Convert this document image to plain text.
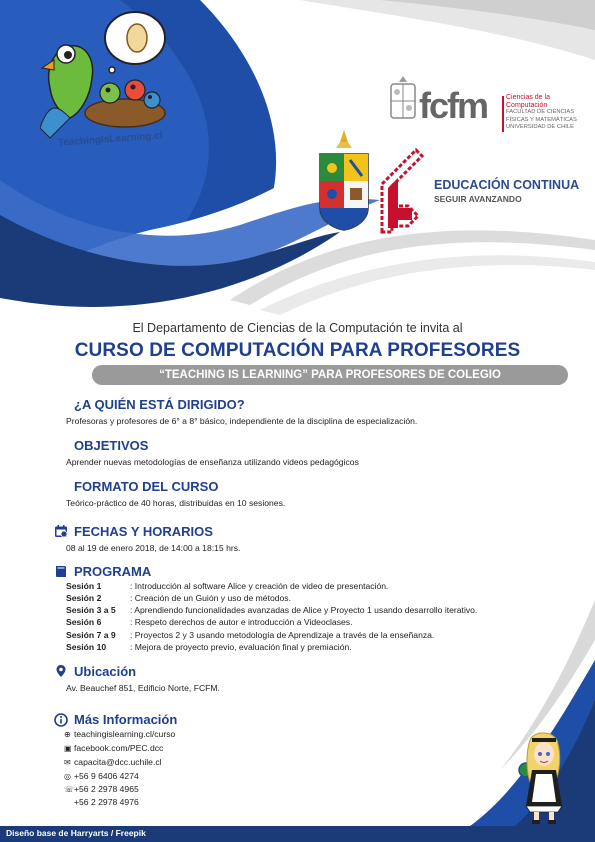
TeachingIsLearning.cl
fcfm	Ciencias de la
Computación
FACULTAD DE CIENCIAS
FÍSICAS Y MATEMÁTICAS
UNIVERSIDAD DE CHILE
EDUCACIÓN CONTINUA
SEGUIR AVANZANDO
El Departamento de Ciencias de la Computación te invita al
CURSO DE COMPUTACIÓN PARA PROFESORES
“TEACHING IS LEARNING” PARA PROFESORES DE COLEGIO
¿A QUIÉN ESTÁ DIRIGIDO?
Profesoras y profesores de 6° a 8° básico, independiente de la disciplina de especialización.
OBJETIVOS
Aprender nuevas metodologías de enseñanza utilizando videos pedagógicos
FORMATO DEL CURSO
Teórico-práctico de 40 horas, distribuidas en 10 sesiones.
FECHAS Y HORARIOS
08 al 19 de enero 2018, de 14:00 a 18:15 hrs.
PROGRAMA
Sesión 1	: Introducción al software Alice y creación de video de presentación.
Sesión 2	: Creación de un Guión y uso de métodos.
Sesión 3 a 5 : Aprendiendo funcionalidades avanzadas de Alice y Proyecto 1 usando desarrollo iterativo.
Sesión 6	: Respeto derechos de autor e introducción a Videoclases.
Sesión 7 a 9 : Proyectos 2 y 3 usando metodología de Aprendizaje a través de la enseñanza.
Sesión 10	: Mejora de proyecto previo, evaluación final y premiación.
Ubicación
Av. Beauchef 851, Edificio Norte, FCFM.
Más Información
⊕ teachingislearning.cl/curso
▣ facebook.com/PEC.dcc
✉ capacita@dcc.uchile.cl
◎ +56 9 6406 4274
☏+56 2 2978 4965
+56 2 2978 4976
Diseño base de Harryarts / Freepik
